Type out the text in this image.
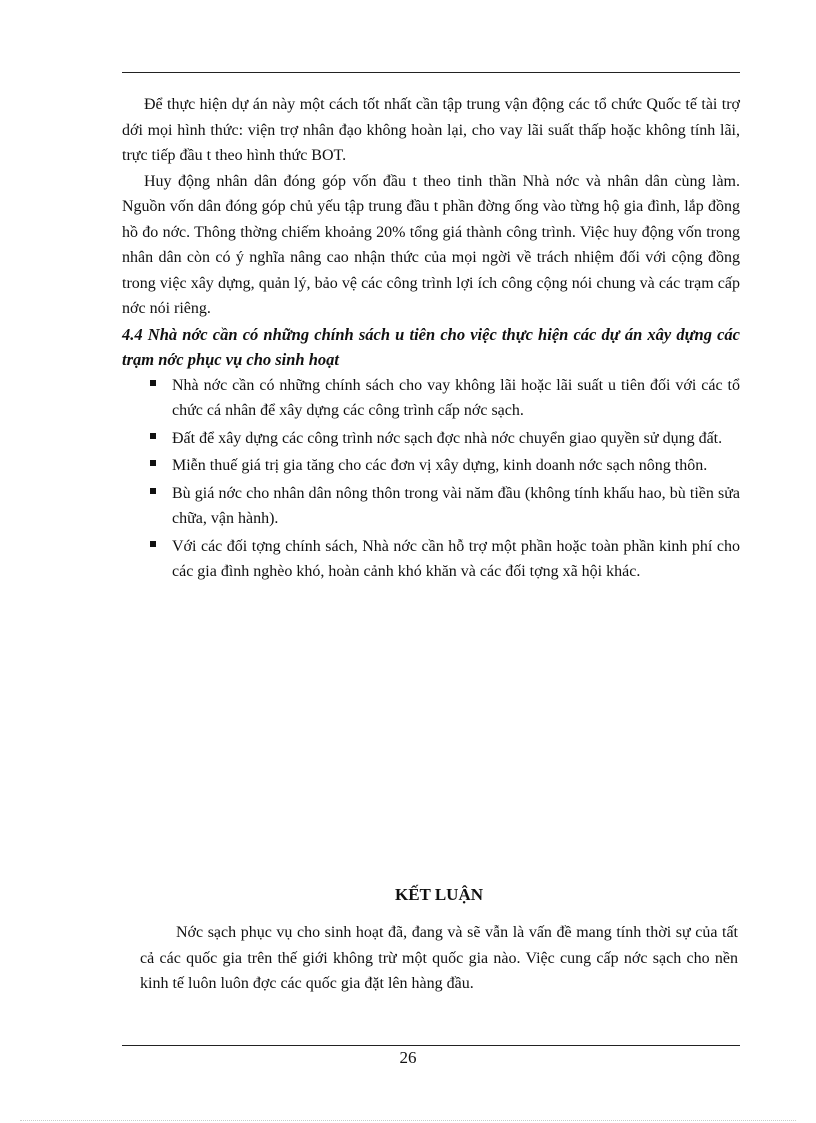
Để thực hiện dự án này một cách tốt nhất cần tập trung vận động các tổ chức Quốc tế tài trợ dới mọi hình thức: viện trợ nhân đạo không hoàn lại, cho vay lãi suất thấp hoặc không tính lãi, trực tiếp đầu t theo hình thức BOT.

Huy động nhân dân đóng góp vốn đầu t theo tinh thần Nhà nớc và nhân dân cùng làm. Nguồn vốn dân đóng góp chủ yếu tập trung đầu t phần đờng ống vào từng hộ gia đình, lắp đồng hồ đo nớc. Thông thờng chiếm khoảng 20% tổng giá thành công trình. Việc huy động vốn trong nhân dân còn có ý nghĩa nâng cao nhận thức của mọi ngời về trách nhiệm đối với cộng đồng trong việc xây dựng, quản lý, bảo vệ các công trình lợi ích công cộng nói chung và các trạm cấp nớc nói riêng.

4.4 Nhà nớc cần có những chính sách u tiên cho việc thực hiện các dự án xây dựng các trạm nớc phục vụ cho sinh hoạt

Nhà nớc cần có những chính sách cho vay không lãi hoặc lãi suất u tiên đối với các tổ chức cá nhân để xây dựng các công trình cấp nớc sạch.
Đất để xây dựng các công trình nớc sạch đợc nhà nớc chuyển giao quyền sử dụng đất.
Miễn thuế giá trị gia tăng cho các đơn vị xây dựng, kinh doanh nớc sạch nông thôn.
Bù giá nớc cho nhân dân nông thôn trong vài năm đầu (không tính khấu hao, bù tiền sửa chữa, vận hành).
Với các đối tợng chính sách, Nhà nớc cần hỗ trợ một phần hoặc toàn phần kinh phí cho các gia đình nghèo khó, hoàn cảnh khó khăn và các đối tợng xã hội khác.
KẾT LUẬN

Nớc sạch phục vụ cho sinh hoạt đã, đang và sẽ vẫn là vấn đề mang tính thời sự của tất cả các quốc gia trên thế giới không trừ một quốc gia nào. Việc cung cấp nớc sạch cho nền kinh tế luôn luôn đợc các quốc gia đặt lên hàng đầu.

26
